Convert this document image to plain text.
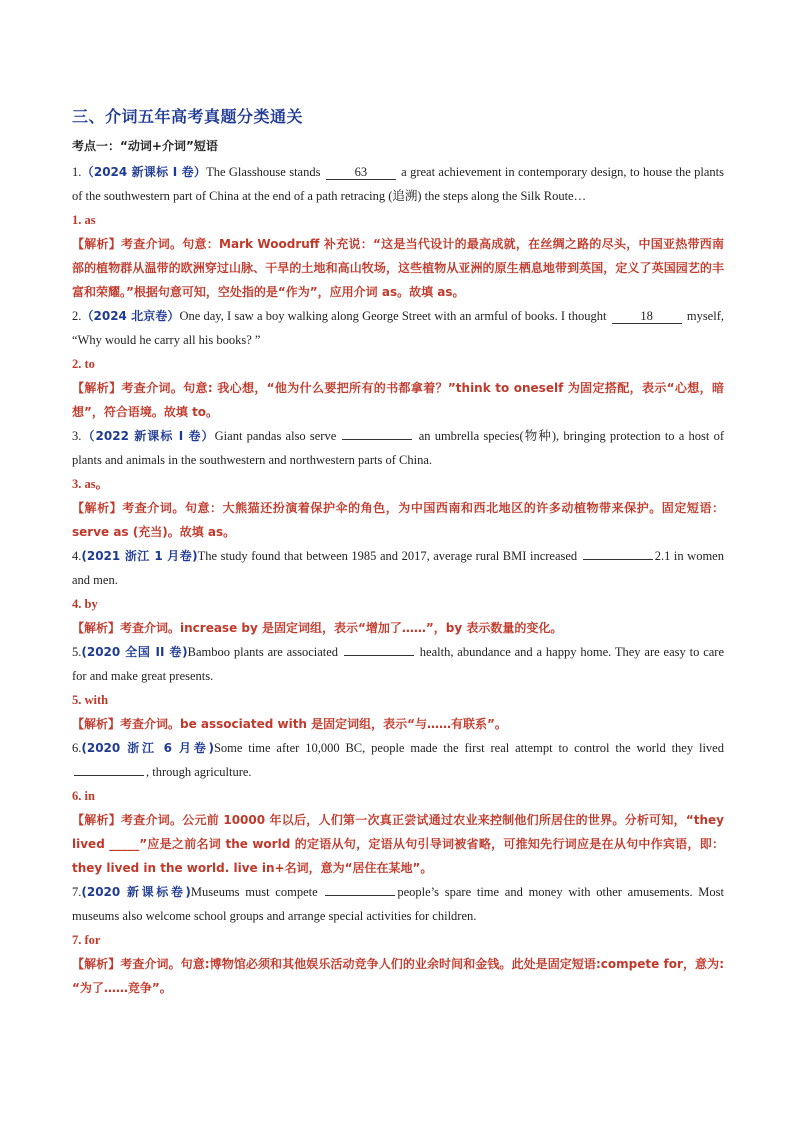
三、介词五年高考真题分类通关

考点一：“动词+介词”短语

1.（2024 新课标 I 卷）The Glasshouse stands 63 a great achievement in contemporary design, to house the plants of the southwestern part of China at the end of a path retracing (追溯) the steps along the Silk Route…

1. as

【解析】考查介词。句意：Mark Woodruff 补充说：“这是当代设计的最高成就，在丝绸之路的尽头，中国亚热带西南部的植物群从温带的欧洲穿过山脉、干旱的土地和高山牧场，这些植物从亚洲的原生栖息地带到英国，定义了英国园艺的丰富和荣耀。”根据句意可知，空处指的是“作为”，应用介词 as。故填 as。

2.（2024 北京卷）One day, I saw a boy walking along George Street with an armful of books. I thought 18 myself, “Why would he carry all his books? ”

2. to

【解析】考查介词。句意: 我心想，“他为什么要把所有的书都拿着？”think to oneself 为固定搭配，表示“心想，暗想”，符合语境。故填 to。

3.（2022 新课标 I 卷）Giant pandas also serve	an umbrella species(物种), bringing protection to a host of plants and animals in the southwestern and northwestern parts of China.

3. as。

【解析】考查介词。句意：大熊猫还扮演着保护伞的角色，为中国西南和西北地区的许多动植物带来保护。固定短语：serve as (充当)。故填 as。

4.(2021 浙江 1 月卷)The study found that between 1985 and 2017, average rural BMI increased	2.1 in women and men.

4. by

【解析】考查介词。increase by 是固定词组，表示“增加了……”，by 表示数量的变化。

5.(2020 全国 II 卷)Bamboo plants are associated	health, abundance and a happy home. They are easy to care for and make great presents.

5. with

【解析】考查介词。be associated with 是固定词组，表示“与……有联系”。

6.(2020 浙江 6 月卷)Some time after 10,000 BC, people made the first real attempt to control the world they lived , through agriculture.

6. in

【解析】考查介词。公元前 10000 年以后，人们第一次真正尝试通过农业来控制他们所居住的世界。分析可知，“they lived _____”应是之前名词 the world 的定语从句，定语从句引导词被省略，可推知先行词应是在从句中作宾语，即：they lived in the world. live in+名词，意为“居住在某地”。

7.(2020 新课标卷)Museums must compete	people’s spare time and money with other amusements. Most museums also welcome school groups and arrange special activities for children.

7. for

【解析】考查介词。句意:博物馆必须和其他娱乐活动竞争人们的业余时间和金钱。此处是固定短语:compete for，意为: “为了……竞争”。
